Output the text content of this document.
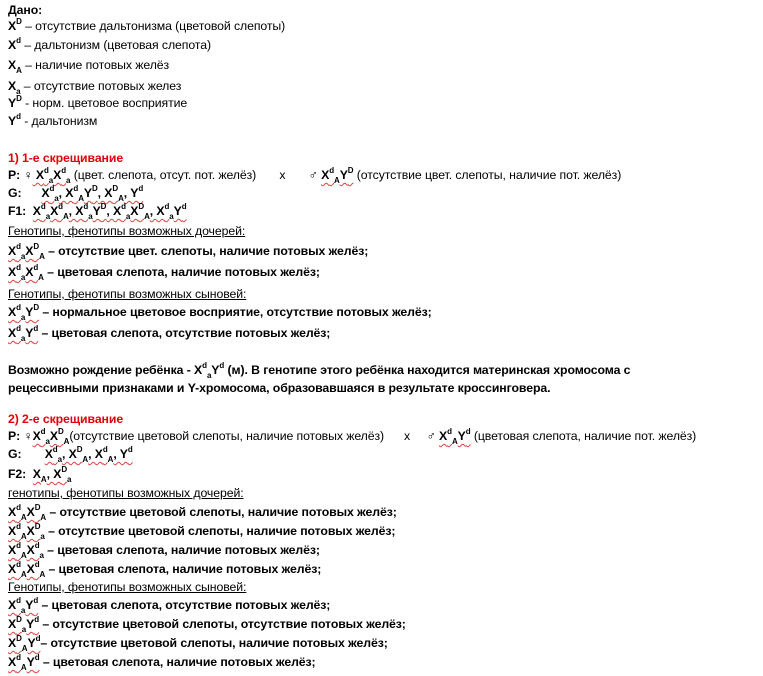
Дано:
$X^D$ – отсутствие дальтонизма (цветовой слепоты)
$X^d$ – дальтонизм (цветовая слепота)
$X_A$ – наличие потовых желёз
$X_a$ – отсутствие потовых желез
$Y^D$ - норм. цветовое восприятие
$Y^d$ - дальтонизм
1) 1-е скрещивание
P: ♀ $X^d_aX^d_a$ (цвет. слепота, отсут. пот. желёз) x ♂ $X^d_AY^D$ (отсутствие цвет. слепоты, наличие пот. желёз)
G: $X^d_a$, $X^d_AY^D$, $X^D_A$, $Y^d$
F1: $X^d_aX^d_A$, $X^d_aY^D$, $X^d_aX^D_A$, $X^d_aY^d$
Генотипы, фенотипы возможных дочерей:
$X^d_aX^D_A$ – отсутствие цвет. слепоты, наличие потовых желёз;
$X^d_aX^d_A$ – цветовая слепота, наличие потовых желёз;
Генотипы, фенотипы возможных сыновей:
$X^d_aY^D$ – нормальное цветовое восприятие, отсутствие потовых желёз;
$X^d_aY^d$ – цветовая слепота, отсутствие потовых желёз;
Возможно рождение ребёнка - $X^d_aY^d$ (м). В генотипе этого ребёнка находится материнская хромосома с
рецессивными признаками и Y-хромосома, образовавшаяся в результате кроссинговера.
2) 2-е скрещивание
P: $♀X^d_aX^D_A(отсутствие$ цветовой слепоты, наличие потовых желёз) x ♂ $X^d_AY^d$ (цветовая слепота, наличие пот. желёз)
G: $X^d_a$, $X^D_A$, $X^d_A$, $Y^d$
F2: $X_A$, $X^D_a$
генотипы, фенотипы возможных дочерей:
$X^d_AX^D_A$ – отсутствие цветовой слепоты, наличие потовых желёз;
$X^d_AX^D_a$ – отсутствие цветовой слепоты, наличие потовых желёз;
$X^d_AX^d_a$ – цветовая слепота, наличие потовых желёз;
$X^d_AX^d_A$ – цветовая слепота, наличие потовых желёз;
Генотипы, фенотипы возможных сыновей:
$X^d_aY^d$ – цветовая слепота, отсутствие потовых желёз;
$X^D_aY^d$ – отсутствие цветовой слепоты, отсутствие потовых желёз;
$X^D_AY^d-$ отсутствие цветовой слепоты, наличие потовых желёз;
$X^d_AY^d$ – цветовая слепота, наличие потовых желёз;
